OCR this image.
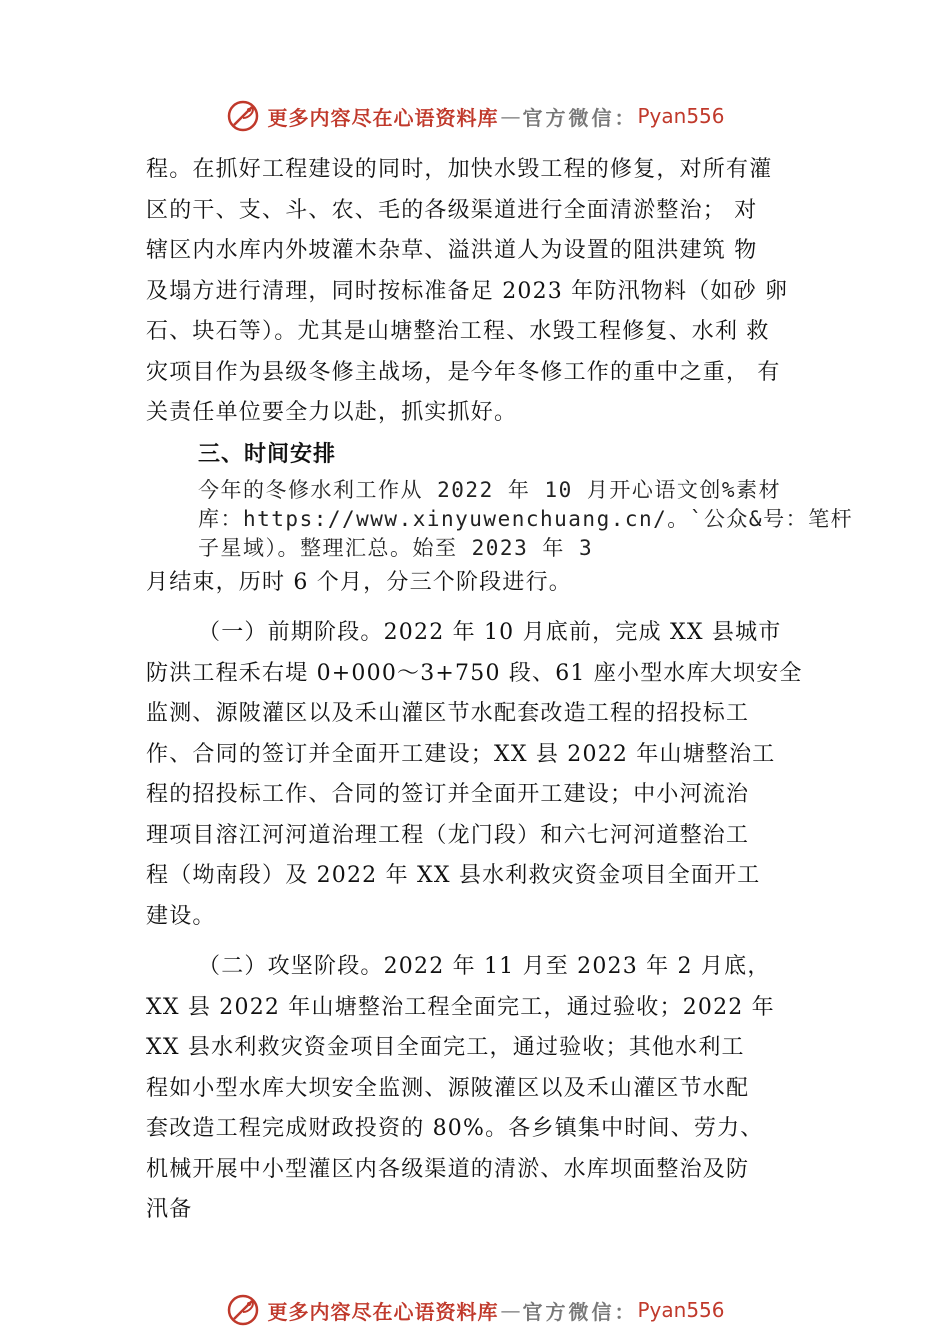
更多内容尽在心语资料库 — 官方微信： Pyan556
程。在抓好工程建设的同时，加快水毁工程的修复，对所有灌
区的干、支、斗、农、毛的各级渠道进行全面清淤整治； 对
辖区内水库内外坡灌木杂草、溢洪道人为设置的阻洪建筑 物
及塌方进行清理，同时按标准备足 2023 年防汛物料（如砂 卵
石、块石等）。尤其是山塘整治工程、水毁工程修复、水利 救
灾项目作为县级冬修主战场，是今年冬修工作的重中之重， 有
关责任单位要全力以赴，抓实抓好。
三、时间安排
今年的冬修水利工作从 2022 年 10 月开心语文创%素材
库：https://www.xinyuwenchuang.cn/。`公众&号：笔杆
子星域）。整理汇总。始至 2023 年 3
月结束，历时 6 个月，分三个阶段进行。
（一）前期阶段。2022 年 10 月底前，完成 XX 县城市
防洪工程禾右堤 0+000～3+750 段、61 座小型水库大坝安全
监测、源陂灌区以及禾山灌区节水配套改造工程的招投标工
作、合同的签订并全面开工建设；XX 县 2022 年山塘整治工
程的招投标工作、合同的签订并全面开工建设；中小河流治
理项目溶江河河道治理工程（龙门段）和六七河河道整治工
程（坳南段）及 2022 年 XX 县水利救灾资金项目全面开工
建设。
（二）攻坚阶段。2022 年 11 月至 2023 年 2 月底，
XX 县 2022 年山塘整治工程全面完工，通过验收；2022 年
XX 县水利救灾资金项目全面完工，通过验收；其他水利工
程如小型水库大坝安全监测、源陂灌区以及禾山灌区节水配
套改造工程完成财政投资的 80%。各乡镇集中时间、劳力、
机械开展中小型灌区内各级渠道的清淤、水库坝面整治及防
汛备
更多内容尽在心语资料库 — 官方微信： Pyan556
